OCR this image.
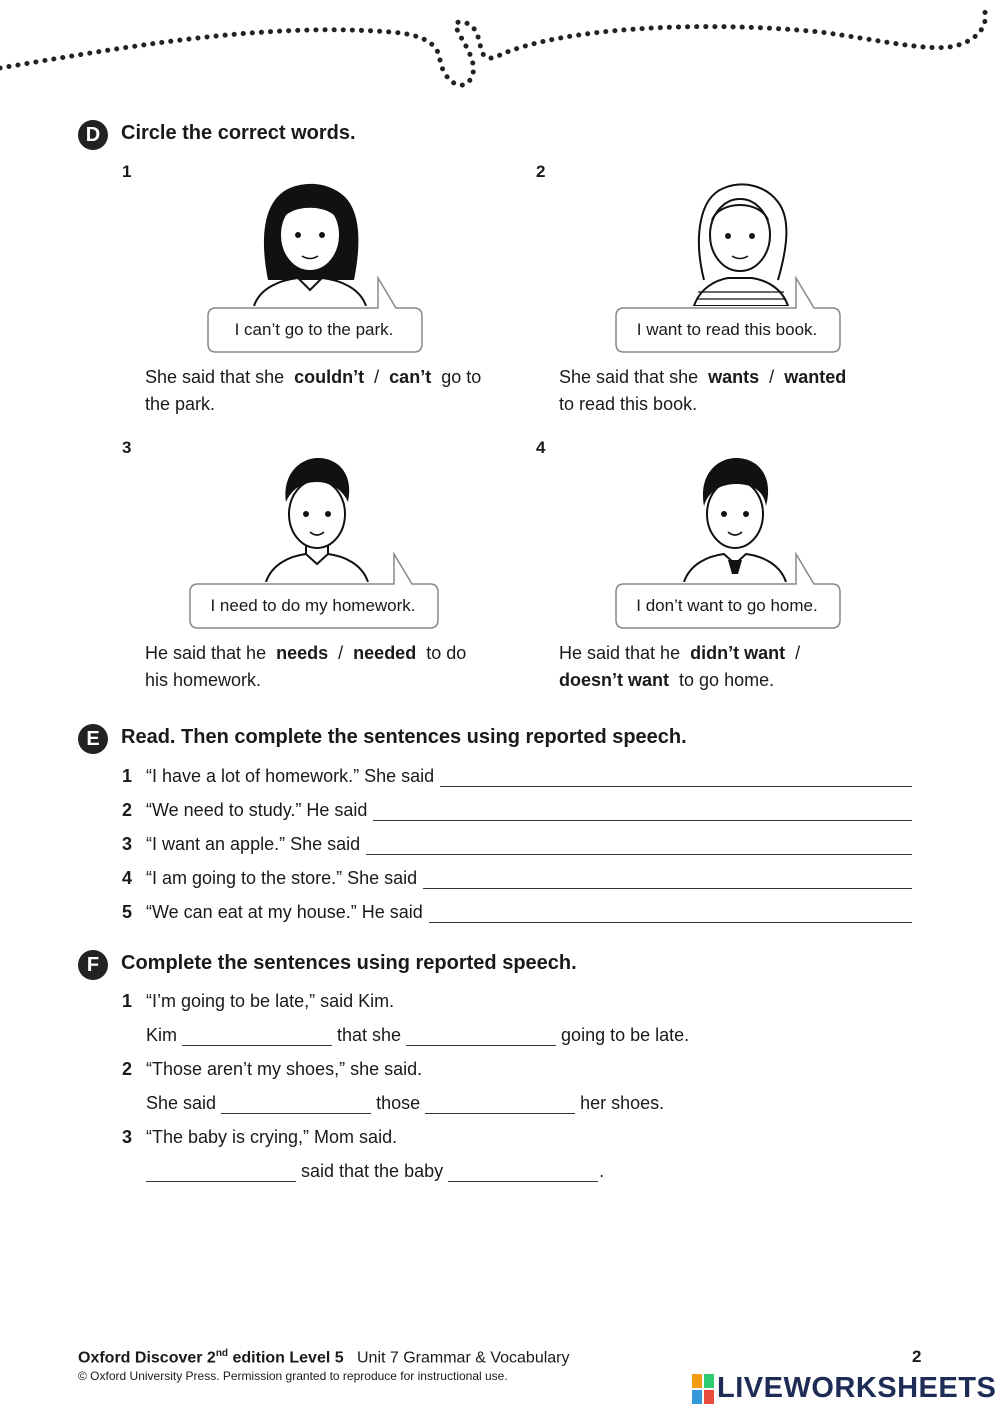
D	Circle the correct words.
1
I can’t go to the park.
She said that she couldn’t / can’t go to
the park.
2
I want to read this book.
She said that she wants / wanted
to read this book.
3
I need to do my homework.
He said that he needs / needed to do
his homework.
4
I don’t want to go home.
He said that he didn’t want /
doesn’t want to go home.
E	Read. Then complete the sentences using reported speech.
1 “I have a lot of homework.” She said
2 “We need to study.” He said
3 “I want an apple.” She said
4 “I am going to the store.” She said
5 “We can eat at my house.” He said
F	Complete the sentences using reported speech.
1 “I’m going to be late,” said Kim.
Kim	that she	going to be late.
2 “Those aren’t my shoes,” she said.
She said	those	her shoes.
3 “The baby is crying,” Mom said.
said that the baby	.
Oxford Discover 2nd edition Level 5 Unit 7 Grammar & Vocabulary
© Oxford University Press. Permission granted to reproduce for instructional use.
2
LIVEWORKSHEETS
